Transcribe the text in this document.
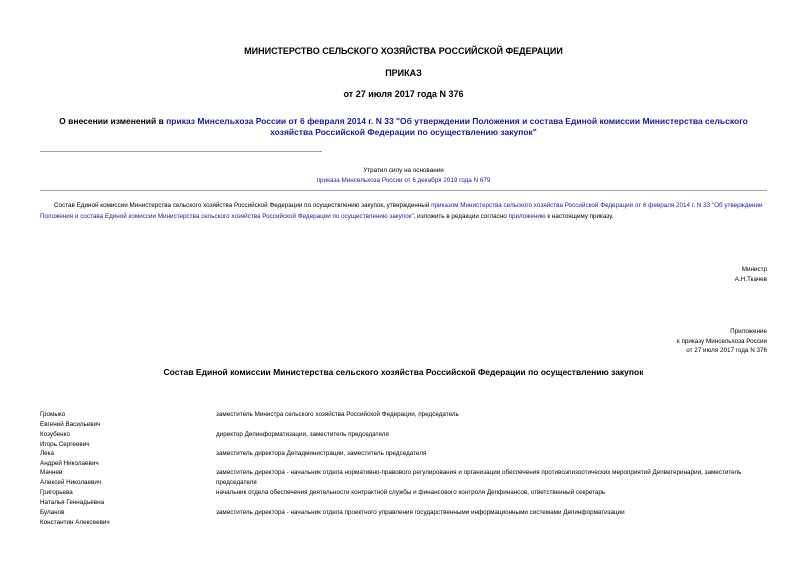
МИНИСТЕРСТВО СЕЛЬСКОГО ХОЗЯЙСТВА РОССИЙСКОЙ ФЕДЕРАЦИИ
ПРИКАЗ
от 27 июля 2017 года N 376
О внесении изменений в приказ Минсельхоза России от 6 февраля 2014 г. N 33 "Об утверждении Положения и состава Единой комиссии Министерства сельского хозяйства Российской Федерации по осуществлению закупок"
Утратил силу на основании
приказа Минсельхоза России от 6 декабря 2019 года N 679
Состав Единой комиссии Министерства сельского хозяйства Российской Федерации по осуществлению закупок, утвержденный приказом Министерства сельского хозяйства Российской Федерации от 6 февраля 2014 г. N 33 "Об утверждении Положения и состава Единой комиссии Министерства сельского хозяйства Российской Федерации по осуществлению закупок", изложить в редакции согласно приложению к настоящему приказу.
Министр
А.Н.Ткачев
Приложение
к приказу Минсельхоза России
от 27 июля 2017 года N 376
Состав Единой комиссии Министерства сельского хозяйства Российской Федерации по осуществлению закупок
Громыко
Евгений Васильевич
заместитель Министра сельского хозяйства Российской Федерации, председатель
Козубенко
Игорь Сергеевич
директор Депинформатизации, заместитель председателя
Лека
Андрей Николаевич
заместитель директора Депадминистрации, заместитель председателя
Мачнев
Алексей Николаевич
заместитель директора - начальник отдела нормативно-правового регулирования и организации обеспечения противоэпизоотических мероприятий Депветеринарии, заместитель председателя
Григорьева
Наталья Геннадьевна
начальник отдела обеспечения деятельности контрактной службы и финансового контроля Депфинансов, ответственный секретарь
Буланов
Константин Алексеевич
заместитель директора - начальник отдела проектного управления государственными информационными системами Депинформатизации
